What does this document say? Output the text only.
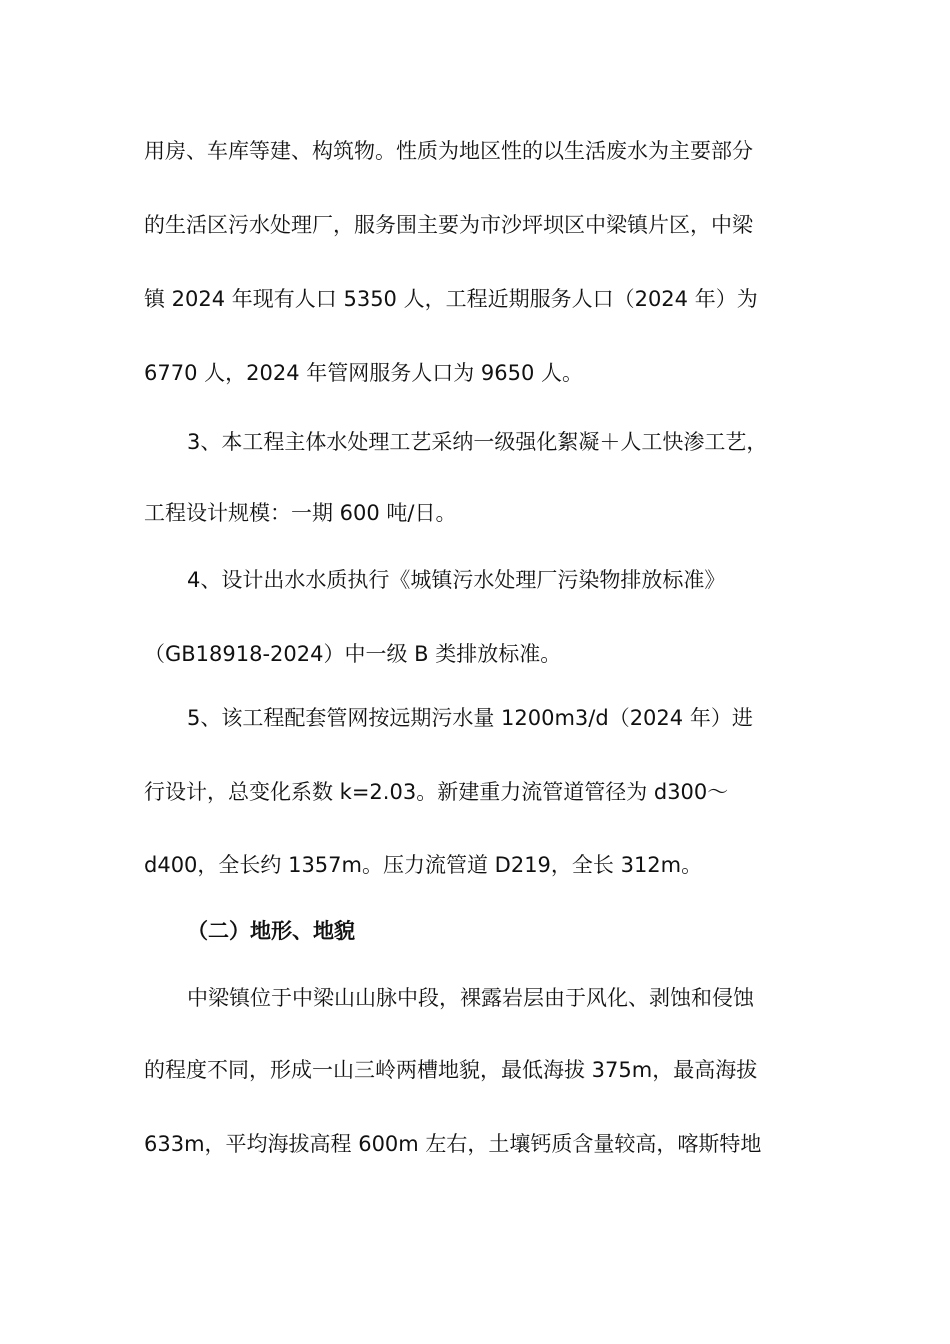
用房、车库等建、构筑物。性质为地区性的以生活废水为主要部分
的生活区污水处理厂，服务围主要为市沙坪坝区中梁镇片区，中梁
镇 2024 年现有人口 5350 人，工程近期服务人口（2024 年）为
6770 人，2024 年管网服务人口为 9650 人。
3、本工程主体水处理工艺采纳一级强化絮凝＋人工快渗工艺，
工程设计规模：一期 600 吨/日。
4、设计出水水质执行《城镇污水处理厂污染物排放标准》
（GB18918-2024）中一级 B 类排放标准。
5、该工程配套管网按远期污水量 1200m3/d（2024 年）进
行设计，总变化系数 k=2.03。新建重力流管道管径为 d300～
d400，全长约 1357m。压力流管道 D219，全长 312m。
（二）地形、地貌
中梁镇位于中梁山山脉中段，裸露岩层由于风化、剥蚀和侵蚀
的程度不同，形成一山三岭两槽地貌，最低海拔 375m，最高海拔
633m，平均海拔高程 600m 左右，土壤钙质含量较高，喀斯特地
